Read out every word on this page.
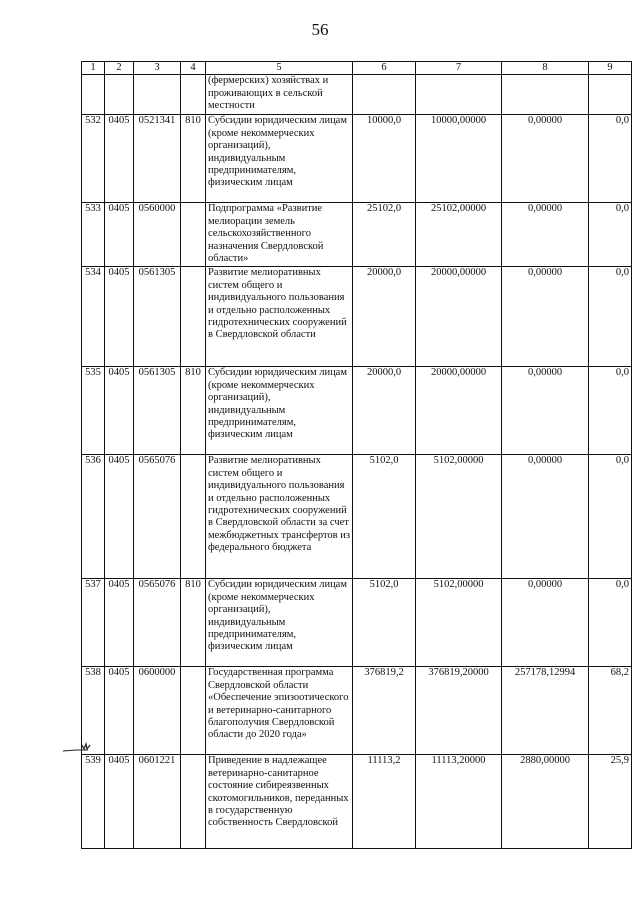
56
1	2	3	4	5	6	7	8	9
				(фермерских) хозяйствах и проживающих в сельской местности				
532	0405	0521341	810	Субсидии юридическим лицам (кроме некоммерческих организаций), индивидуальным предпринимателям, физическим лицам	10000,0	10000,00000	0,00000	0,0
533	0405	0560000		Подпрограмма «Развитие мелиорации земель сельскохозяйственного назначения Свердловской области»	25102,0	25102,00000	0,00000	0,0
534	0405	0561305		Развитие мелиоративных систем общего и индивидуального пользования и отдельно расположенных гидротехнических сооружений в Свердловской области	20000,0	20000,00000	0,00000	0,0
535	0405	0561305	810	Субсидии юридическим лицам (кроме некоммерческих организаций), индивидуальным предпринимателям, физическим лицам	20000,0	20000,00000	0,00000	0,0
536	0405	0565076		Развитие мелиоративных систем общего и индивидуального пользования и отдельно расположенных гидротехнических сооружений в Свердловской области за счет межбюджетных трансфертов из федерального бюджета	5102,0	5102,00000	0,00000	0,0
537	0405	0565076	810	Субсидии юридическим лицам (кроме некоммерческих организаций), индивидуальным предпринимателям, физическим лицам	5102,0	5102,00000	0,00000	0,0
538	0405	0600000		Государственная программа Свердловской области «Обеспечение эпизоотического и ветеринарно-санитарного благополучия Свердловской области до 2020 года»	376819,2	376819,20000	257178,12994	68,2
539	0405	0601221		Приведение в надлежащее ветеринарно-санитарное состояние сибиреязвенных скотомогильников, переданных в государственную собственность Свердловской	11113,2	11113,20000	2880,00000	25,9
